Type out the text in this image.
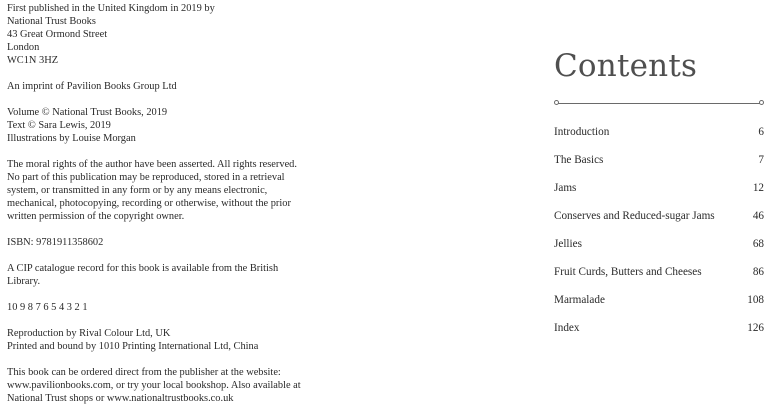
First published in the United Kingdom in 2019 by
National Trust Books
43 Great Ormond Street
London
WC1N 3HZ
An imprint of Pavilion Books Group Ltd
Volume © National Trust Books, 2019
Text © Sara Lewis, 2019
Illustrations by Louise Morgan
The moral rights of the author have been asserted. All rights reserved.
No part of this publication may be reproduced, stored in a retrieval
system, or transmitted in any form or by any means electronic,
mechanical, photocopying, recording or otherwise, without the prior
written permission of the copyright owner.
ISBN: 9781911358602
A CIP catalogue record for this book is available from the British
Library.
10 9 8 7 6 5 4 3 2 1
Reproduction by Rival Colour Ltd, UK
Printed and bound by 1010 Printing International Ltd, China
This book can be ordered direct from the publisher at the website:
www.pavilionbooks.com, or try your local bookshop. Also available at
National Trust shops or www.nationaltrustbooks.co.uk
Contents
Introduction	6
The Basics	7
Jams	12
Conserves and Reduced-sugar Jams	46
Jellies	68
Fruit Curds, Butters and Cheeses	86
Marmalade	108
Index	126
